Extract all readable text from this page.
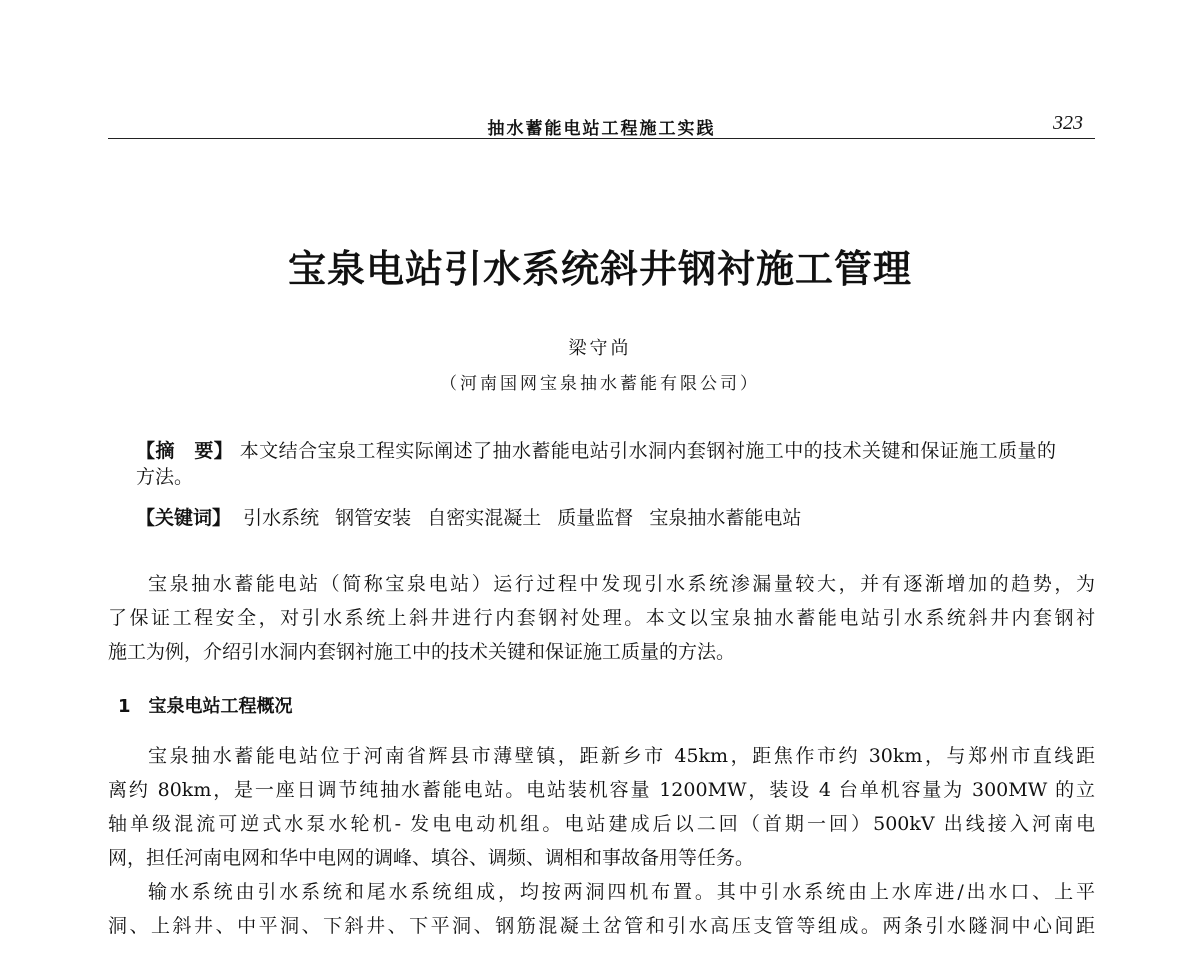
抽水蓄能电站工程施工实践	323
宝泉电站引水系统斜井钢衬施工管理
梁守尚
（河南国网宝泉抽水蓄能有限公司）
【摘　要】 本文结合宝泉工程实际阐述了抽水蓄能电站引水洞内套钢衬施工中的技术关键和保证施工质量的
方法。
【关键词】 引水系统 钢管安装 自密实混凝土 质量监督 宝泉抽水蓄能电站
宝泉抽水蓄能电站（简称宝泉电站）运行过程中发现引水系统渗漏量较大，并有逐渐增加的趋势，为
了保证工程安全，对引水系统上斜井进行内套钢衬处理。本文以宝泉抽水蓄能电站引水系统斜井内套钢衬
施工为例，介绍引水洞内套钢衬施工中的技术关键和保证施工质量的方法。
1 宝泉电站工程概况
宝泉抽水蓄能电站位于河南省辉县市薄壁镇，距新乡市 45km，距焦作市约 30km，与郑州市直线距
离约 80km，是一座日调节纯抽水蓄能电站。电站装机容量 1200MW，装设 4 台单机容量为 300MW 的立
轴单级混流可逆式水泵水轮机- 发电电动机组。电站建成后以二回（首期一回）500kV 出线接入河南电
网，担任河南电网和华中电网的调峰、填谷、调频、调相和事故备用等任务。
输水系统由引水系统和尾水系统组成，均按两洞四机布置。其中引水系统由上水库进/出水口、上平
洞、上斜井、中平洞、下斜井、下平洞、钢筋混凝土岔管和引水高压支管等组成。两条引水隧洞中心间距
